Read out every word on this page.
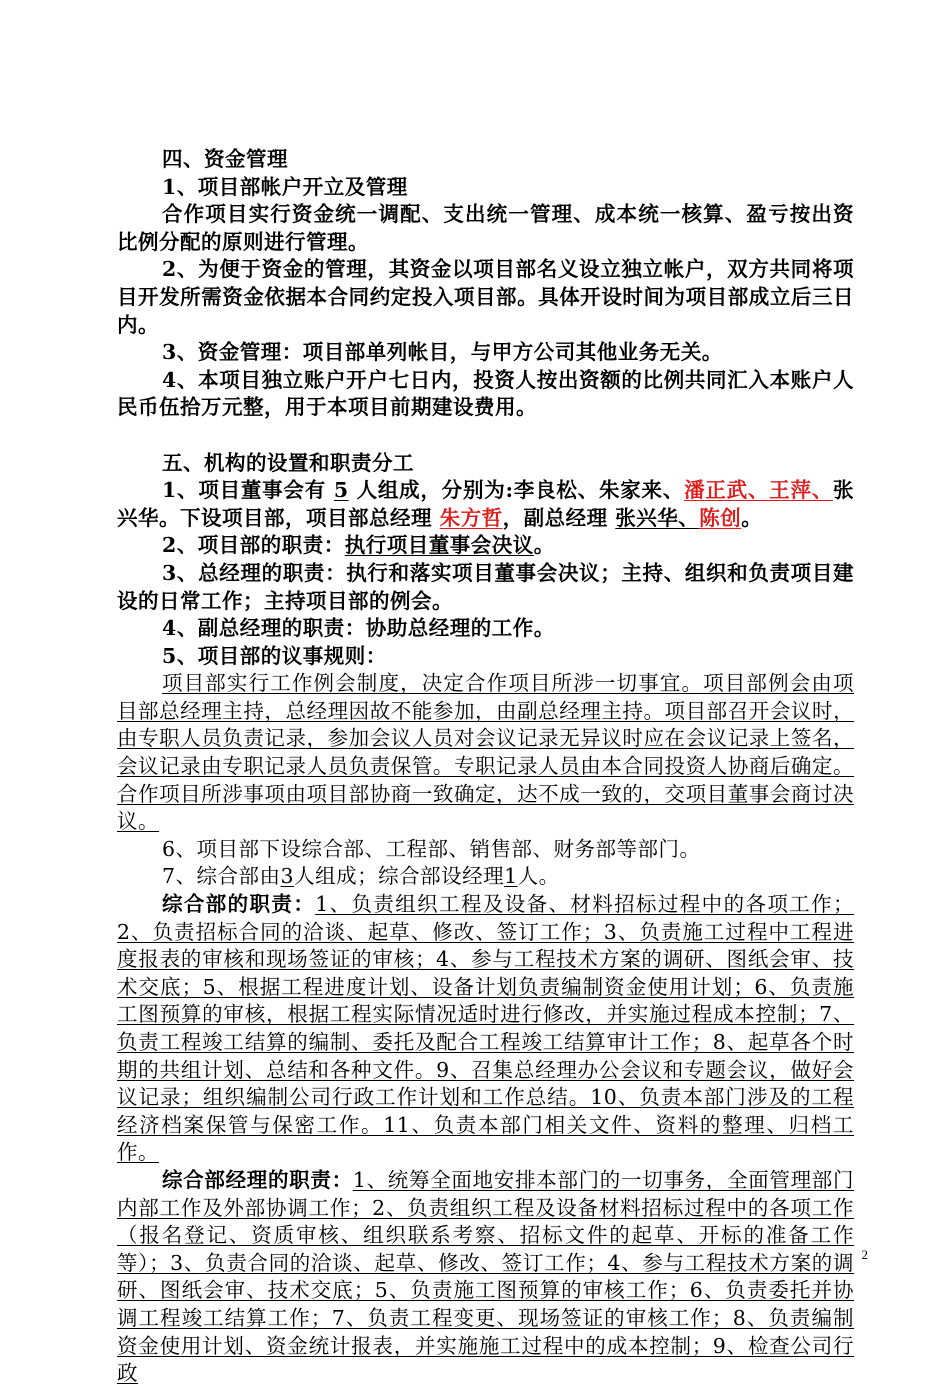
四、资金管理

1、项目部帐户开立及管理

合作项目实行资金统一调配、支出统一管理、成本统一核算、盈亏按出资比例分配的原则进行管理。

2、为便于资金的管理，其资金以项目部名义设立独立帐户，双方共同将项目开发所需资金依据本合同约定投入项目部。具体开设时间为项目部成立后三日内。

3、资金管理：项目部单列帐目，与甲方公司其他业务无关。

4、本项目独立账户开户七日内，投资人按出资额的比例共同汇入本账户人民币伍拾万元整，用于本项目前期建设费用。

五、机构的设置和职责分工

1、项目董事会有 5 人组成，分别为:李良松、朱家来、潘正武、王萍、张兴华。下设项目部，项目部总经理 朱方哲，副总经理 张兴华、陈创。

2、项目部的职责：执行项目董事会决议。

3、总经理的职责：执行和落实项目董事会决议；主持、组织和负责项目建设的日常工作；主持项目部的例会。

4、副总经理的职责：协助总经理的工作。

5、项目部的议事规则：

项目部实行工作例会制度，决定合作项目所涉一切事宜。项目部例会由项目部总经理主持，总经理因故不能参加，由副总经理主持。项目部召开会议时，由专职人员负责记录，参加会议人员对会议记录无异议时应在会议记录上签名，会议记录由专职记录人员负责保管。专职记录人员由本合同投资人协商后确定。合作项目所涉事项由项目部协商一致确定，达不成一致的，交项目董事会商讨决议。

6、项目部下设综合部、工程部、销售部、财务部等部门。

7、综合部由3人组成；综合部设经理1人。

综合部的职责：1、负责组织工程及设备、材料招标过程中的各项工作；2、负责招标合同的洽谈、起草、修改、签订工作；3、负责施工过程中工程进度报表的审核和现场签证的审核；4、参与工程技术方案的调研、图纸会审、技术交底；5、根据工程进度计划、设备计划负责编制资金使用计划；6、负责施工图预算的审核，根据工程实际情况适时进行修改，并实施过程成本控制；7、负责工程竣工结算的编制、委托及配合工程竣工结算审计工作；8、起草各个时期的共组计划、总结和各种文件。9、召集总经理办公会议和专题会议，做好会议记录；组织编制公司行政工作计划和工作总结。10、负责本部门涉及的工程经济档案保管与保密工作。11、负责本部门相关文件、资料的整理、归档工作。

综合部经理的职责：1、统筹全面地安排本部门的一切事务，全面管理部门内部工作及外部协调工作；2、负责组织工程及设备材料招标过程中的各项工作（报名登记、资质审核、组织联系考察、招标文件的起草、开标的准备工作等）；3、负责合同的洽谈、起草、修改、签订工作；4、参与工程技术方案的调研、图纸会审、技术交底；5、负责施工图预算的审核工作；6、负责委托并协调工程竣工结算工作；7、负责工程变更、现场签证的审核工作；8、负责编制资金使用计划、资金统计报表，并实施施工过程中的成本控制；9、检查公司行政

2
